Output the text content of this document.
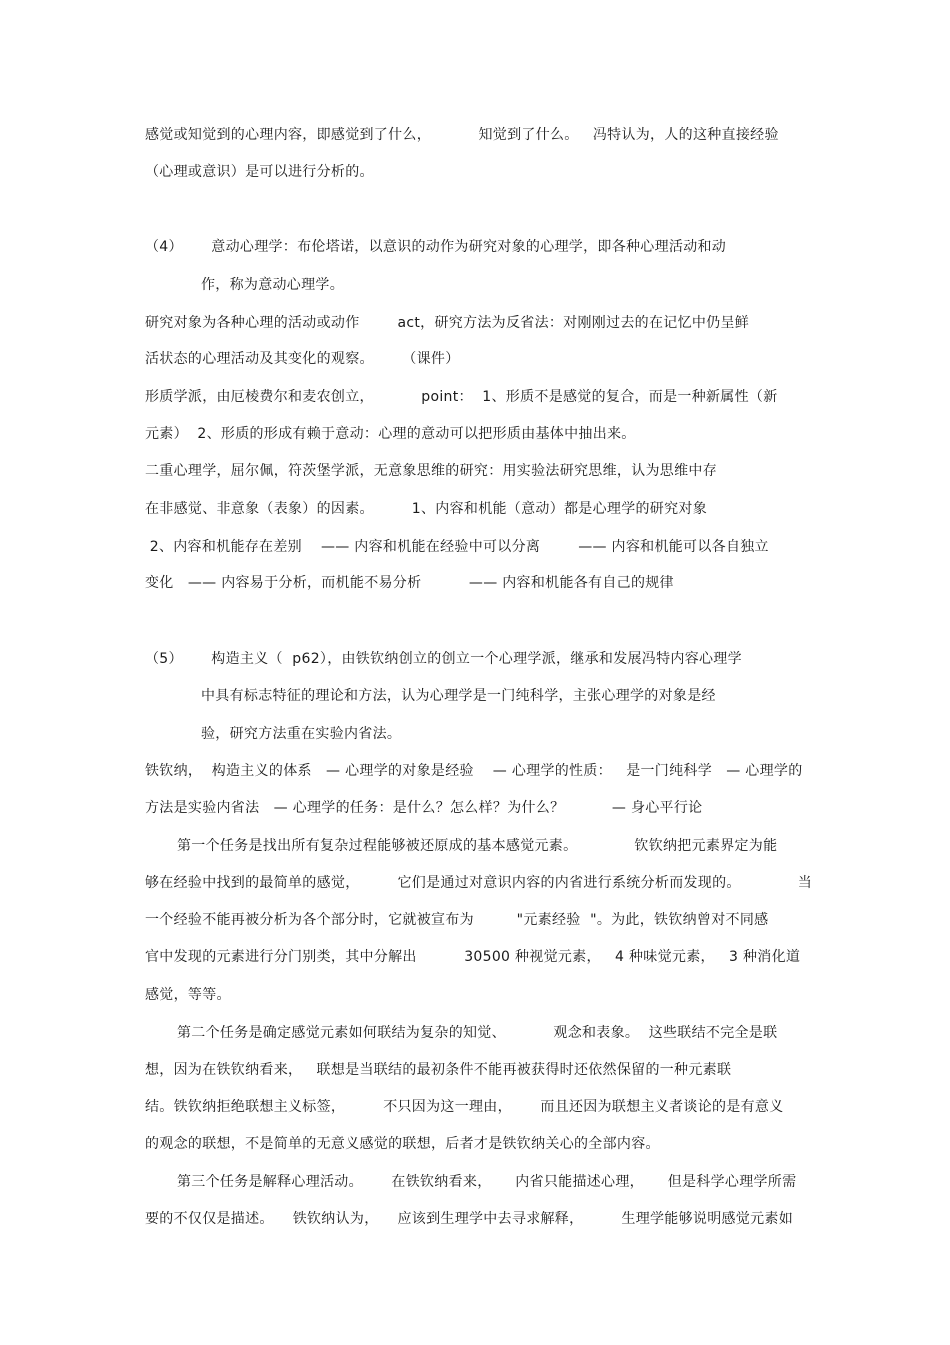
感觉或知觉到的心理内容，即感觉到了什么，          知觉到了什么。   冯特认为，人的这种直接经验
（心理或意识）是可以进行分析的。
（4）      意动心理学：布伦塔诺，以意识的动作为研究对象的心理学，即各种心理活动和动
作，称为意动心理学。
研究对象为各种心理的活动或动作        act，研究方法为反省法：对刚刚过去的在记忆中仍呈鲜
活状态的心理活动及其变化的观察。      （课件）
形质学派，由厄棱费尔和麦农创立，          point：  1、形质不是感觉的复合，而是一种新属性（新
元素）  2、形质的形成有赖于意动：心理的意动可以把形质由基体中抽出来。
二重心理学，屈尔佩，符茨堡学派，无意象思维的研究：用实验法研究思维，认为思维中存
在非感觉、非意象（表象）的因素。        1、内容和机能（意动）都是心理学的研究对象
2、内容和机能存在差别    —— 内容和机能在经验中可以分离        —— 内容和机能可以各自独立
变化   —— 内容易于分析，而机能不易分析          —— 内容和机能各有自己的规律
（5）      构造主义（  p62），由铁钦纳创立的创立一个心理学派，继承和发展冯特内容心理学
中具有标志特征的理论和方法，认为心理学是一门纯科学，主张心理学的对象是经
验，研究方法重在实验内省法。
铁钦纳，  构造主义的体系   — 心理学的对象是经验    — 心理学的性质：   是一门纯科学   — 心理学的
方法是实验内省法   — 心理学的任务：是什么？怎么样？为什么？          — 身心平行论
第一个任务是找出所有复杂过程能够被还原成的基本感觉元素。            钦钦纳把元素界定为能
够在经验中找到的最简单的感觉，        它们是通过对意识内容的内省进行系统分析而发现的。            当
一个经验不能再被分析为各个部分时，它就被宣布为         "元素经验  "。为此，铁钦纳曾对不同感
官中发现的元素进行分门别类，其中分解出          30500 种视觉元素，   4 种味觉元素，   3 种消化道
感觉，等等。
第二个任务是确定感觉元素如何联结为复杂的知觉、          观念和表象。  这些联结不完全是联
想，因为在铁钦纳看来，   联想是当联结的最初条件不能再被获得时还依然保留的一种元素联
结。铁钦纳拒绝联想主义标签，        不只因为这一理由，      而且还因为联想主义者谈论的是有意义
的观念的联想，不是简单的无意义感觉的联想，后者才是铁钦纳关心的全部内容。
第三个任务是解释心理活动。      在铁钦纳看来，     内省只能描述心理，     但是科学心理学所需
要的不仅仅是描述。    铁钦纳认为，    应该到生理学中去寻求解释，        生理学能够说明感觉元素如
